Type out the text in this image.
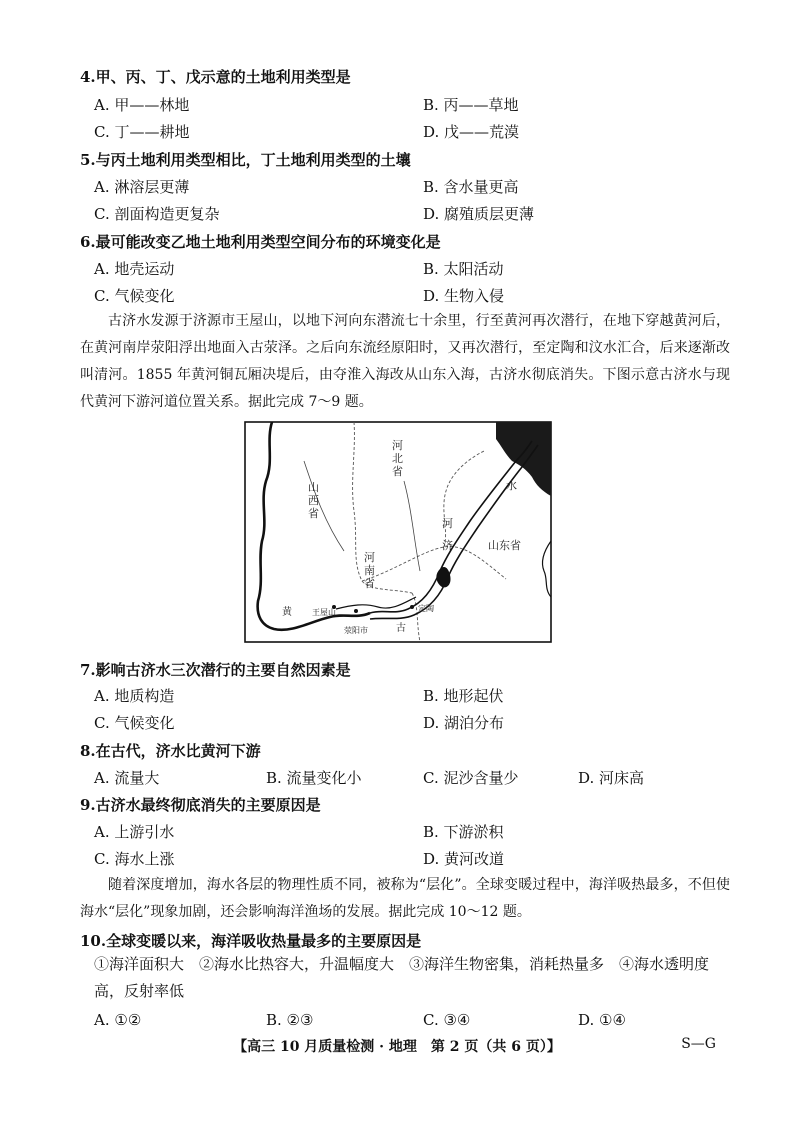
4.甲、丙、丁、戊示意的土地利用类型是
A. 甲——林地	B. 丙——草地
C. 丁——耕地	D. 戊——荒漠
5.与丙土地利用类型相比，丁土地利用类型的土壤
A. 淋溶层更薄	B. 含水量更高
C. 剖面构造更复杂	D. 腐殖质层更薄
6.最可能改变乙地土地利用类型空间分布的环境变化是
A. 地壳运动	B. 太阳活动
C. 气候变化	D. 生物入侵
古济水发源于济源市王屋山，以地下河向东潜流七十余里，行至黄河再次潜行，在地下穿越黄河后，在黄河南岸荥阳浮出地面入古荥泽。之后向东流经原阳时，又再次潜行，至定陶和汶水汇合，后来逐渐改叫清河。1855 年黄河铜瓦厢决堤后，由夺淮入海改从山东入海，古济水彻底消失。下图示意古济水与现代黄河下游河道位置关系。据此完成 7～9 题。
山
西
省
河
北
省
河
南
省
山东省
水
河
济
黄	王屋山
荥阳市	古
定陶
7.影响古济水三次潜行的主要自然因素是
A. 地质构造	B. 地形起伏
C. 气候变化	D. 湖泊分布
8.在古代，济水比黄河下游
A. 流量大	B. 流量变化小	C. 泥沙含量少	D. 河床高
9.古济水最终彻底消失的主要原因是
A. 上游引水	B. 下游淤积
C. 海水上涨	D. 黄河改道
随着深度增加，海水各层的物理性质不同，被称为“层化”。全球变暖过程中，海洋吸热最多，不但使海水“层化”现象加剧，还会影响海洋渔场的发展。据此完成 10～12 题。
10.全球变暖以来，海洋吸收热量最多的主要原因是
①海洋面积大　②海水比热容大，升温幅度大　③海洋生物密集，消耗热量多　④海水透明度高，反射率低
A. ①②	B. ②③	C. ③④	D. ①④
【高三 10 月质量检测 · 地理　第 2 页（共 6 页）】	S—G
